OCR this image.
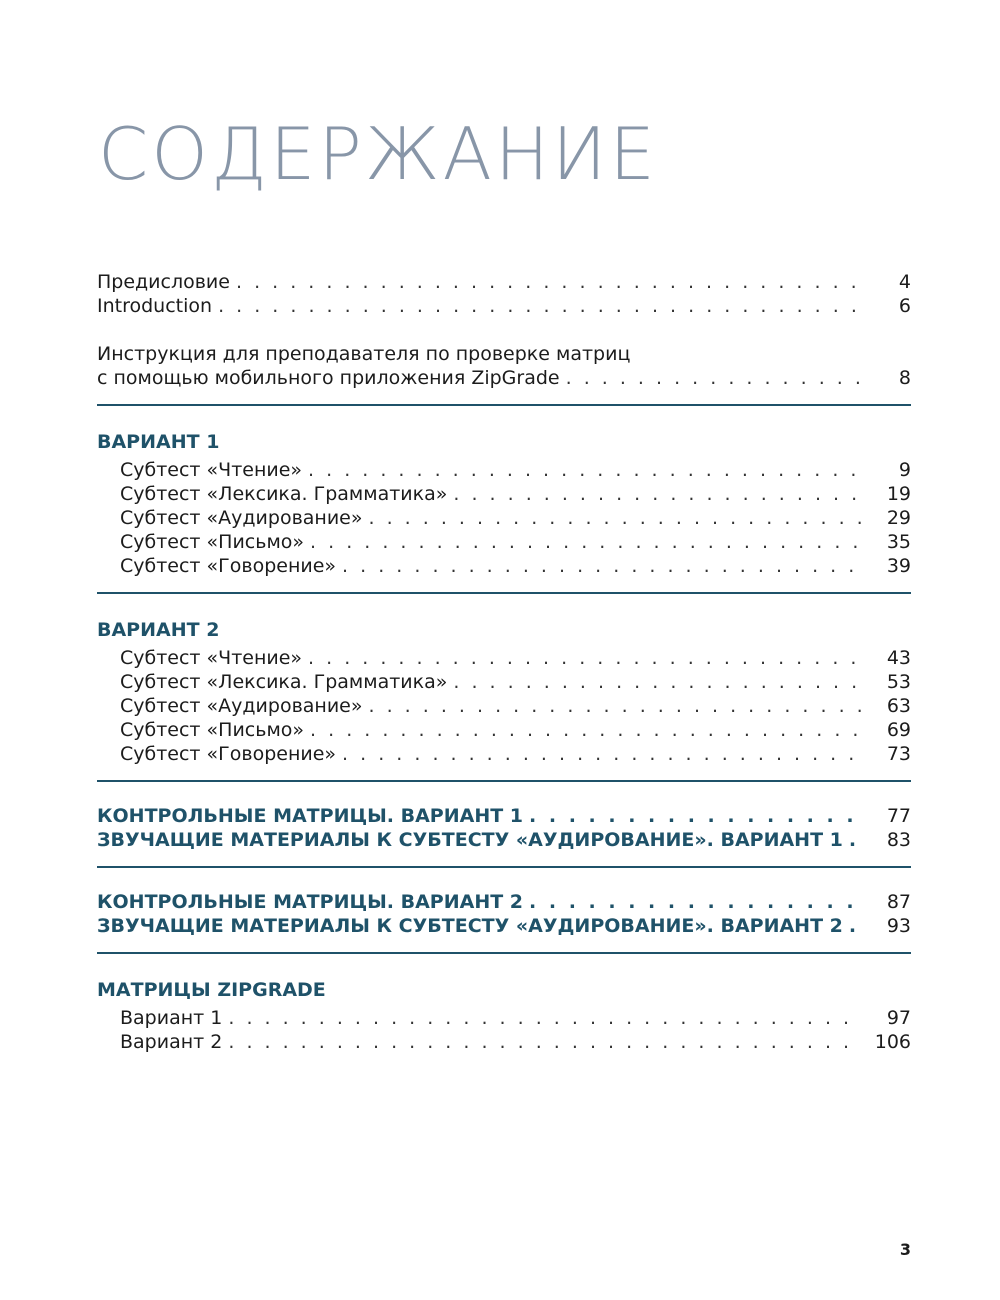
СОДЕРЖАНИЕ
Предисловие . . .	4
Introduction . . .	6
Инструкция для преподавателя по проверке матриц
с помощью мобильного приложения ZipGrade . . .	8
ВАРИАНТ 1
Субтест «Чтение» . . .	9
Субтест «Лексика. Грамматика» . . .	19
Субтест «Аудирование» . . .	29
Субтест «Письмо» . . .	35
Субтест «Говорение» . . .	39
ВАРИАНТ 2
Субтест «Чтение» . . .	43
Субтест «Лексика. Грамматика» . . .	53
Субтест «Аудирование» . . .	63
Субтест «Письмо» . . .	69
Субтест «Говорение» . . .	73
КОНТРОЛЬНЫЕ МАТРИЦЫ. ВАРИАНТ 1 . . .	77
ЗВУЧАЩИЕ МАТЕРИАЛЫ К СУБТЕСТУ «АУДИРОВАНИЕ». ВАРИАНТ 1 . . .	83
КОНТРОЛЬНЫЕ МАТРИЦЫ. ВАРИАНТ 2 . . .	87
ЗВУЧАЩИЕ МАТЕРИАЛЫ К СУБТЕСТУ «АУДИРОВАНИЕ». ВАРИАНТ 2 . . .	93
МАТРИЦЫ ZIPGRADE
Вариант 1 . . .	97
Вариант 2 . . .	106
3
